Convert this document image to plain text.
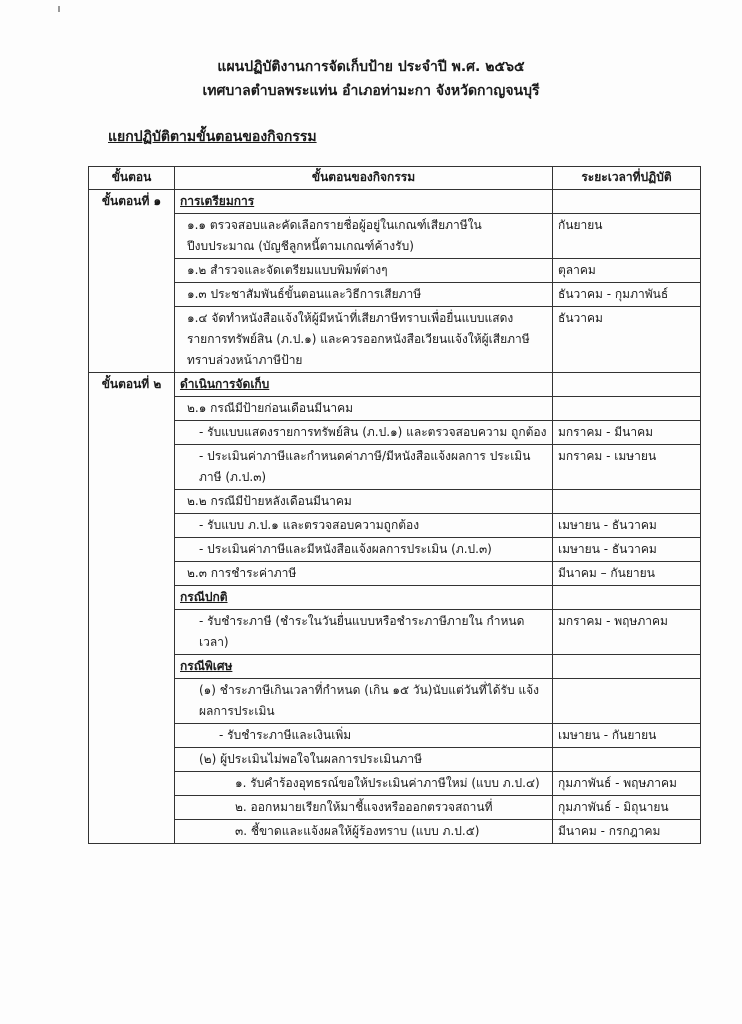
แผนปฏิบัติงานการจัดเก็บป้าย ประจำปี พ.ศ. ๒๕๖๕
เทศบาลตำบลพระแท่น อำเภอท่ามะกา จังหวัดกาญจนบุรี
แยกปฏิบัติตามขั้นตอนของกิจกรรม
ขั้นตอน	ขั้นตอนของกิจกรรม	ระยะเวลาที่ปฏิบัติ
ขั้นตอนที่ ๑	การเตรียมการ	
	๑.๑ ตรวจสอบและคัดเลือกรายชื่อผู้อยู่ในเกณฑ์เสียภาษีใน ปีงบประมาณ (บัญชีลูกหนี้ตามเกณฑ์ค้างรับ)	กันยายน
	๑.๒ สำรวจและจัดเตรียมแบบพิมพ์ต่างๆ	ตุลาคม
	๑.๓ ประชาสัมพันธ์ขั้นตอนและวิธีการเสียภาษี	ธันวาคม - กุมภาพันธ์
	๑.๔ จัดทำหนังสือแจ้งให้ผู้มีหน้าที่เสียภาษีทราบเพื่อยื่นแบบแสดง รายการทรัพย์สิน (ภ.ป.๑) และควรออกหนังสือเวียนแจ้งให้ผู้เสียภาษี ทราบล่วงหน้าภาษีป้าย	ธันวาคม
ขั้นตอนที่ ๒	ดำเนินการจัดเก็บ	
	๒.๑ กรณีมีป้ายก่อนเดือนมีนาคม	
	- รับแบบแสดงรายการทรัพย์สิน (ภ.ป.๑) และตรวจสอบความ ถูกต้อง	มกราคม - มีนาคม
	- ประเมินค่าภาษีและกำหนดค่าภาษี/มีหนังสือแจ้งผลการ ประเมินภาษี (ภ.ป.๓)	มกราคม - เมษายน
	๒.๒ กรณีมีป้ายหลังเดือนมีนาคม	
	- รับแบบ ภ.ป.๑ และตรวจสอบความถูกต้อง	เมษายน - ธันวาคม
	- ประเมินค่าภาษีและมีหนังสือแจ้งผลการประเมิน (ภ.ป.๓)	เมษายน - ธันวาคม
	๒.๓ การชำระค่าภาษี	มีนาคม – กันยายน
	กรณีปกติ	
	- รับชำระภาษี (ชำระในวันยื่นแบบหรือชำระภาษีภายใน กำหนดเวลา)	มกราคม - พฤษภาคม
	กรณีพิเศษ	
	(๑) ชำระภาษีเกินเวลาที่กำหนด (เกิน ๑๕ วัน)นับแต่วันที่ได้รับ แจ้งผลการประเมิน	
	- รับชำระภาษีและเงินเพิ่ม	เมษายน - กันยายน
	(๒) ผู้ประเมินไม่พอใจในผลการประเมินภาษี	
	๑. รับคำร้องอุทธรณ์ขอให้ประเมินค่าภาษีใหม่ (แบบ ภ.ป.๔)	กุมภาพันธ์ - พฤษภาคม
	๒. ออกหมายเรียกให้มาชี้แจงหรือออกตรวจสถานที่	กุมภาพันธ์ - มิถุนายน
	๓. ชี้ขาดและแจ้งผลให้ผู้ร้องทราบ (แบบ ภ.ป.๕)	มีนาคม - กรกฎาคม
